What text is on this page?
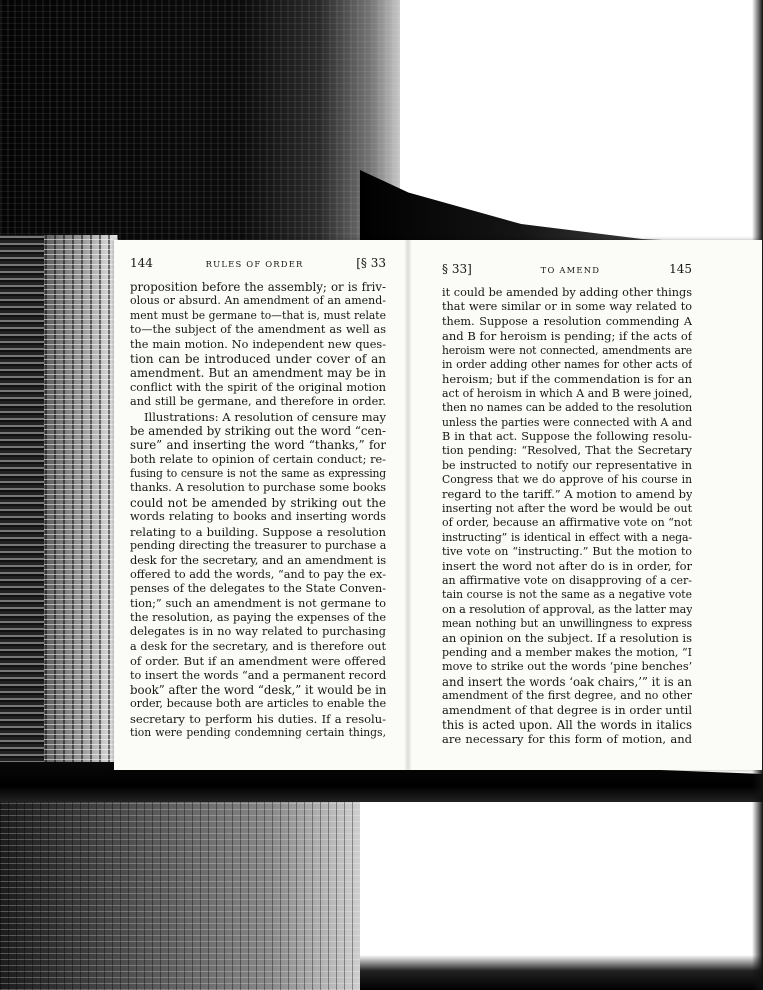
144	RULES OF ORDER	[§ 33
proposition before the assembly; or is friv-
olous or absurd. An amendment of an amend-
ment must be germane to—that is, must relate
to—the subject of the amendment as well as
the main motion. No independent new ques-
tion can be introduced under cover of an
amendment. But an amendment may be in
conflict with the spirit of the original motion
and still be germane, and therefore in order.
Illustrations: A resolution of censure may
be amended by striking out the word “cen-
sure” and inserting the word “thanks,” for
both relate to opinion of certain conduct; re-
fusing to censure is not the same as expressing
thanks. A resolution to purchase some books
could not be amended by striking out the
words relating to books and inserting words
relating to a building. Suppose a resolution
pending directing the treasurer to purchase a
desk for the secretary, and an amendment is
offered to add the words, “and to pay the ex-
penses of the delegates to the State Conven-
tion;” such an amendment is not germane to
the resolution, as paying the expenses of the
delegates is in no way related to purchasing
a desk for the secretary, and is therefore out
of order. But if an amendment were offered
to insert the words “and a permanent record
book” after the word “desk,” it would be in
order, because both are articles to enable the
secretary to perform his duties. If a resolu-
tion were pending condemning certain things,
§ 33]	TO AMEND	145
it could be amended by adding other things
that were similar or in some way related to
them. Suppose a resolution commending A
and B for heroism is pending; if the acts of
heroism were not connected, amendments are
in order adding other names for other acts of
heroism; but if the commendation is for an
act of heroism in which A and B were joined,
then no names can be added to the resolution
unless the parties were connected with A and
B in that act. Suppose the following resolu-
tion pending: “Resolved, That the Secretary
be instructed to notify our representative in
Congress that we do approve of his course in
regard to the tariff.” A motion to amend by
inserting not after the word be would be out
of order, because an affirmative vote on “not
instructing” is identical in effect with a nega-
tive vote on “instructing.” But the motion to
insert the word not after do is in order, for
an affirmative vote on disapproving of a cer-
tain course is not the same as a negative vote
on a resolution of approval, as the latter may
mean nothing but an unwillingness to express
an opinion on the subject. If a resolution is
pending and a member makes the motion, “I
move to strike out the words ‘pine benches’
and insert the words ‘oak chairs,’” it is an
amendment of the first degree, and no other
amendment of that degree is in order until
this is acted upon. All the words in italics
are necessary for this form of motion, and
